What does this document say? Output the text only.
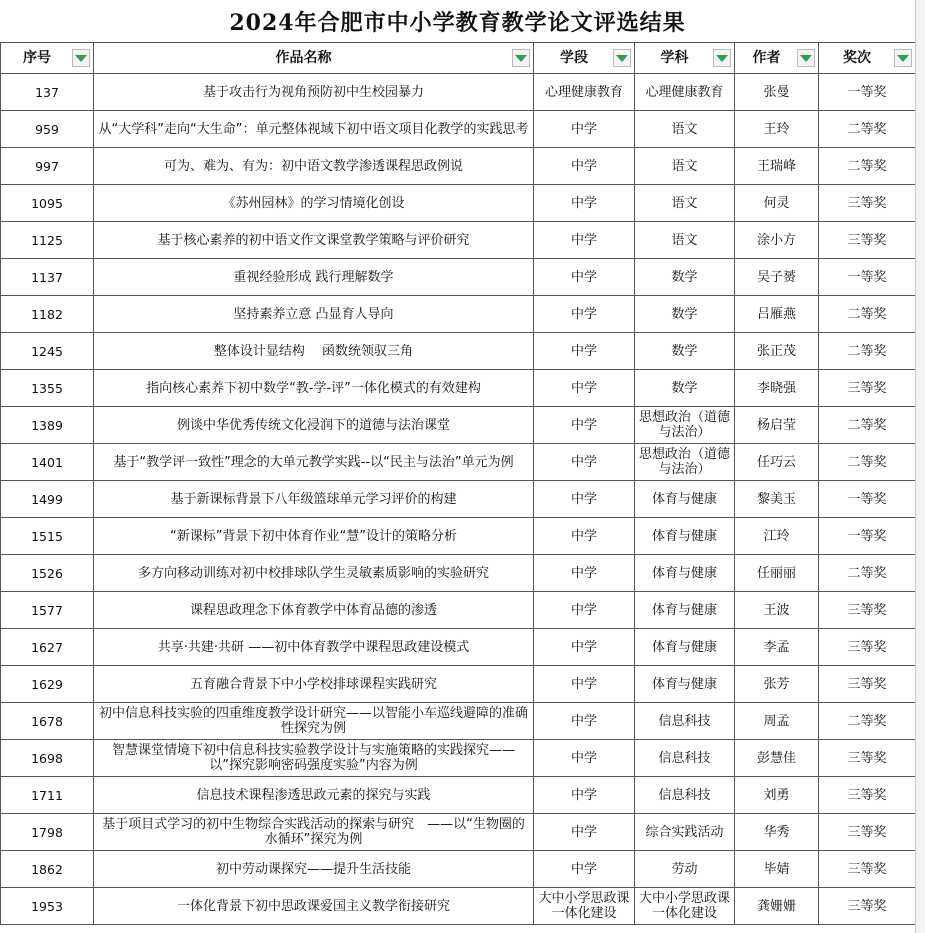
2024年合肥市中小学教育教学论文评选结果
序号	作品名称	学段	学科	作者	奖次

137	基于攻击行为视角预防初中生校园暴力	心理健康教育	心理健康教育	张曼	一等奖
959	从“大学科”走向“大生命”：单元整体视域下初中语文项目化教学的实践思考	中学	语文	王玲	二等奖
997	可为、难为、有为：初中语文教学渗透课程思政例说	中学	语文	王瑞峰	二等奖
1095	《苏州园林》的学习情境化创设	中学	语文	何灵	三等奖
1125	基于核心素养的初中语文作文课堂教学策略与评价研究	中学	语文	涂小方	三等奖
1137	重视经验形成 践行理解数学	中学	数学	吴子赟	一等奖
1182	坚持素养立意 凸显育人导向	中学	数学	吕雁燕	二等奖
1245	整体设计显结构　 函数统领驭三角	中学	数学	张正茂	二等奖
1355	指向核心素养下初中数学“教-学-评”一体化模式的有效建构	中学	数学	李晓强	三等奖
1389	例谈中华优秀传统文化浸润下的道德与法治课堂	中学	思想政治（道德与法治）	杨启莹	二等奖
1401	基于“教学评一致性”理念的大单元教学实践--以“民主与法治”单元为例	中学	思想政治（道德与法治）	任巧云	二等奖
1499	基于新课标背景下八年级篮球单元学习评价的构建	中学	体育与健康	黎美玉	一等奖
1515	“新课标”背景下初中体育作业“慧”设计的策略分析	中学	体育与健康	江玲	一等奖
1526	多方向移动训练对初中校排球队学生灵敏素质影响的实验研究	中学	体育与健康	任丽丽	二等奖
1577	课程思政理念下体育教学中体育品德的渗透	中学	体育与健康	王波	三等奖
1627	共享·共建·共研 ——初中体育教学中课程思政建设模式	中学	体育与健康	李孟	三等奖
1629	五育融合背景下中小学校排球课程实践研究	中学	体育与健康	张芳	三等奖
1678	初中信息科技实验的四重维度教学设计研究——以智能小车巡线避障的准确性探究为例	中学	信息科技	周孟	二等奖
1698	智慧课堂情境下初中信息科技实验教学设计与实施策略的实践探究——以”探究影响密码强度实验”内容为例	中学	信息科技	彭慧佳	三等奖
1711	信息技术课程渗透思政元素的探究与实践	中学	信息科技	刘勇	三等奖
1798	基于项目式学习的初中生物综合实践活动的探索与研究　——以“生物圈的水循环”探究为例	中学	综合实践活动	华秀	三等奖
1862	初中劳动课探究——提升生活技能	中学	劳动	毕婧	三等奖
1953	一体化背景下初中思政课爱国主义教学衔接研究	大中小学思政课一体化建设	大中小学思政课一体化建设	龚姗姗	三等奖
